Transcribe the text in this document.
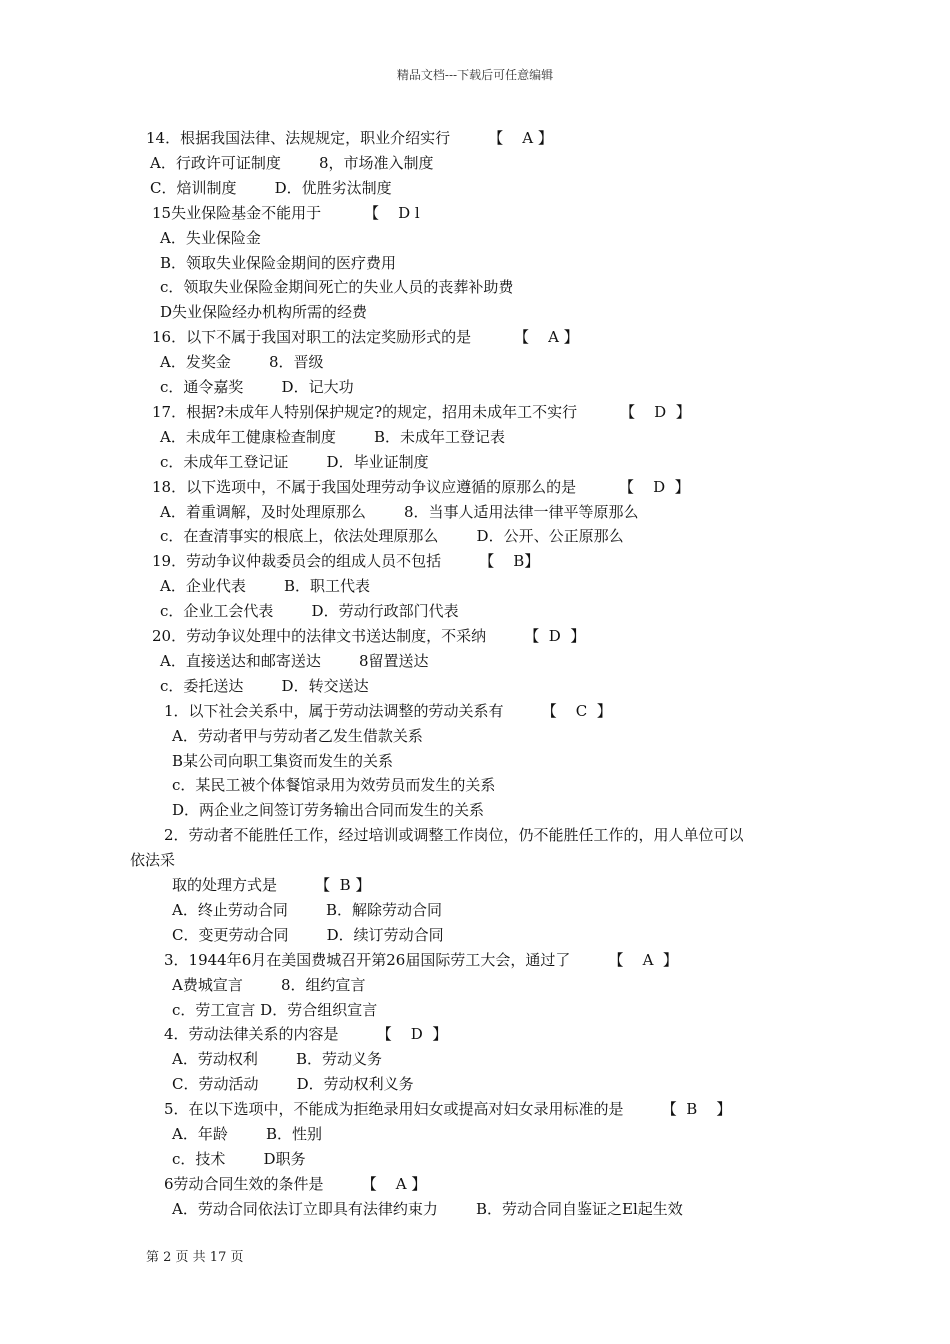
精品文档---下载后可任意编辑
14．根据我国法律、法规规定，职业介绍实行        【    A 】
A．行政许可证制度        8，市场准入制度
C．焙训制度        D．优胜劣汰制度
15失业保险基金不能用于         【    D l
A．失业保险金
B．领取失业保险金期间的医疗费用
c．领取失业保险金期间死亡的失业人员的丧葬补助费
D失业保险经办机构所需的经费
16．以下不属于我国对职工的法定奖励形式的是         【    A 】
A．发奖金        8．晋级
c．通令嘉奖        D．记大功
17．根据?未成年人特别保护规定?的规定，招用未成年工不实行         【    D  】
A．未成年工健康检查制度        B．未成年工登记表
c．未成年工登记证        D．毕业证制度
18．以下选项中，不属于我国处理劳动争议应遵循的原那么的是         【    D  】
A．着重调解，及时处理原那么        8．当事人适用法律一律平等原那么
c．在查清事实的根底上，依法处理原那么        D．公开、公正原那么
19．劳动争议仲裁委员会的组成人员不包括        【    B】
A．企业代表        B．职工代表
c．企业工会代表        D．劳动行政部门代表
20．劳动争议处理中的法律文书送达制度，不采纳        【  D  】
A．直接送达和邮寄送达        8留置送达
c．委托送达        D．转交送达
1．以下社会关系中，属于劳动法调整的劳动关系有        【    C  】
A．劳动者甲与劳动者乙发生借款关系
B某公司向职工集资而发生的关系
c．某民工被个体餐馆录用为效劳员而发生的关系
D．两企业之间签订劳务输出合同而发生的关系
2．劳动者不能胜任工作，经过培训或调整工作岗位，仍不能胜任工作的，用人单位可以
依法采
取的处理方式是        【  B 】
A．终止劳动合同        B．解除劳动合同
C．变更劳动合同        D．续订劳动合同
3．1944年6月在美国费城召开第26届国际劳工大会，通过了        【    A  】
A费城宣言        8．组约宣言
c．劳工宣言 D．劳合组织宣言
4．劳动法律关系的内容是        【    D  】
A．劳动权利        B．劳动义务
C．劳动活动        D．劳动权利义务
5．在以下选项中，不能成为拒绝录用妇女或提高对妇女录用标准的是        【  B    】
A．年龄        B．性别
c．技术        D职务
6劳动合同生效的条件是        【    A 】
A．劳动合同依法订立即具有法律约束力        B．劳动合同自鉴证之El起生效
第 2 页 共 17 页
